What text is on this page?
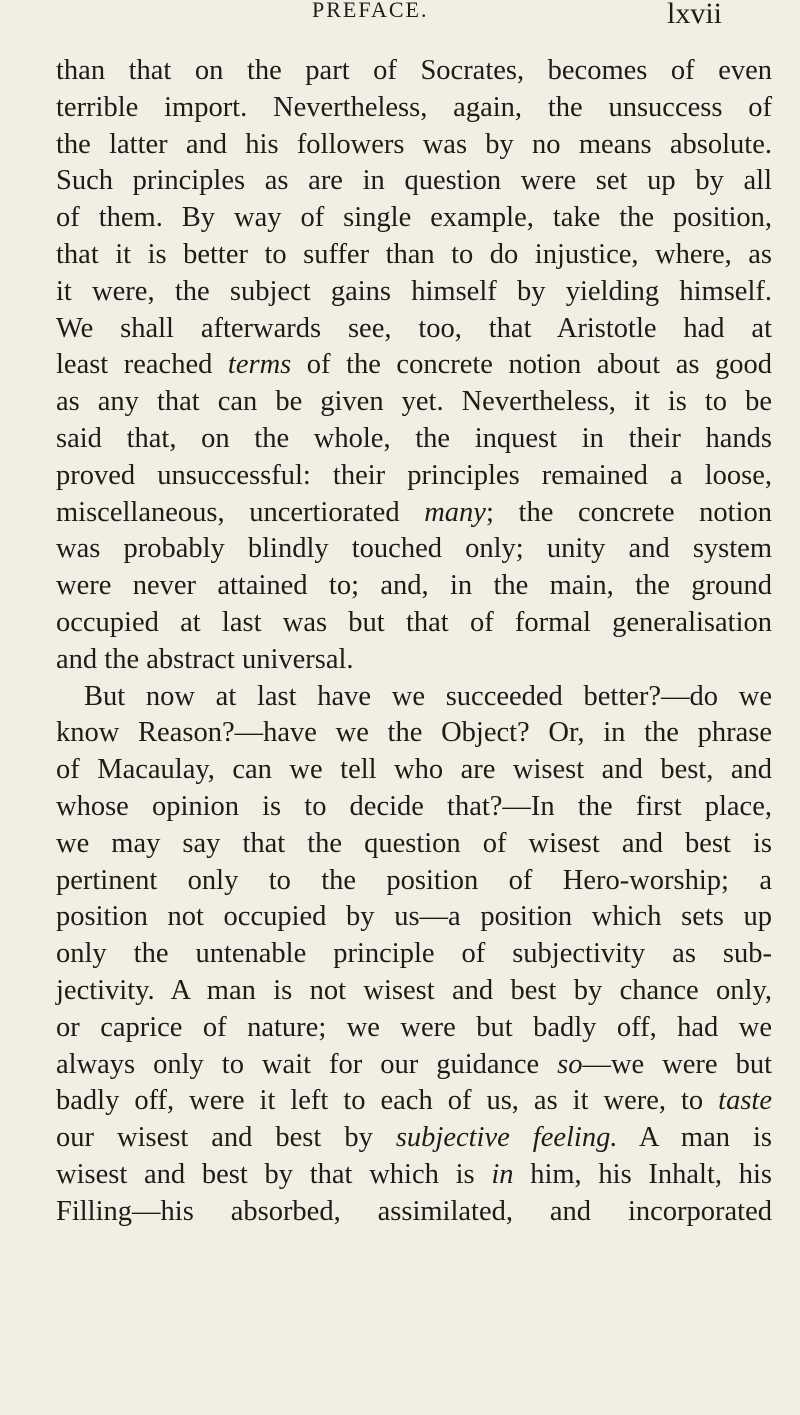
PREFACE.	lxvii
than that on the part of Socrates, becomes of even
terrible import. Nevertheless, again, the unsuccess of
the latter and his followers was by no means absolute.
Such principles as are in question were set up by all
of them. By way of single example, take the position,
that it is better to suffer than to do injustice, where, as
it were, the subject gains himself by yielding himself.
We shall afterwards see, too, that Aristotle had at
least reached terms of the concrete notion about as good
as any that can be given yet. Nevertheless, it is to be
said that, on the whole, the inquest in their hands
proved unsuccessful: their principles remained a loose,
miscellaneous, uncertiorated many; the concrete notion
was probably blindly touched only; unity and system
were never attained to; and, in the main, the ground
occupied at last was but that of formal generalisation
and the abstract universal.
But now at last have we succeeded better?—do we
know Reason?—have we the Object? Or, in the phrase
of Macaulay, can we tell who are wisest and best, and
whose opinion is to decide that?—In the first place,
we may say that the question of wisest and best is
pertinent only to the position of Hero-worship; a
position not occupied by us—a position which sets up
only the untenable principle of subjectivity as sub-
jectivity. A man is not wisest and best by chance only,
or caprice of nature; we were but badly off, had we
always only to wait for our guidance so—we were but
badly off, were it left to each of us, as it were, to taste
our wisest and best by subjective feeling. A man is
wisest and best by that which is in him, his Inhalt, his
Filling—his absorbed, assimilated, and incorporated
